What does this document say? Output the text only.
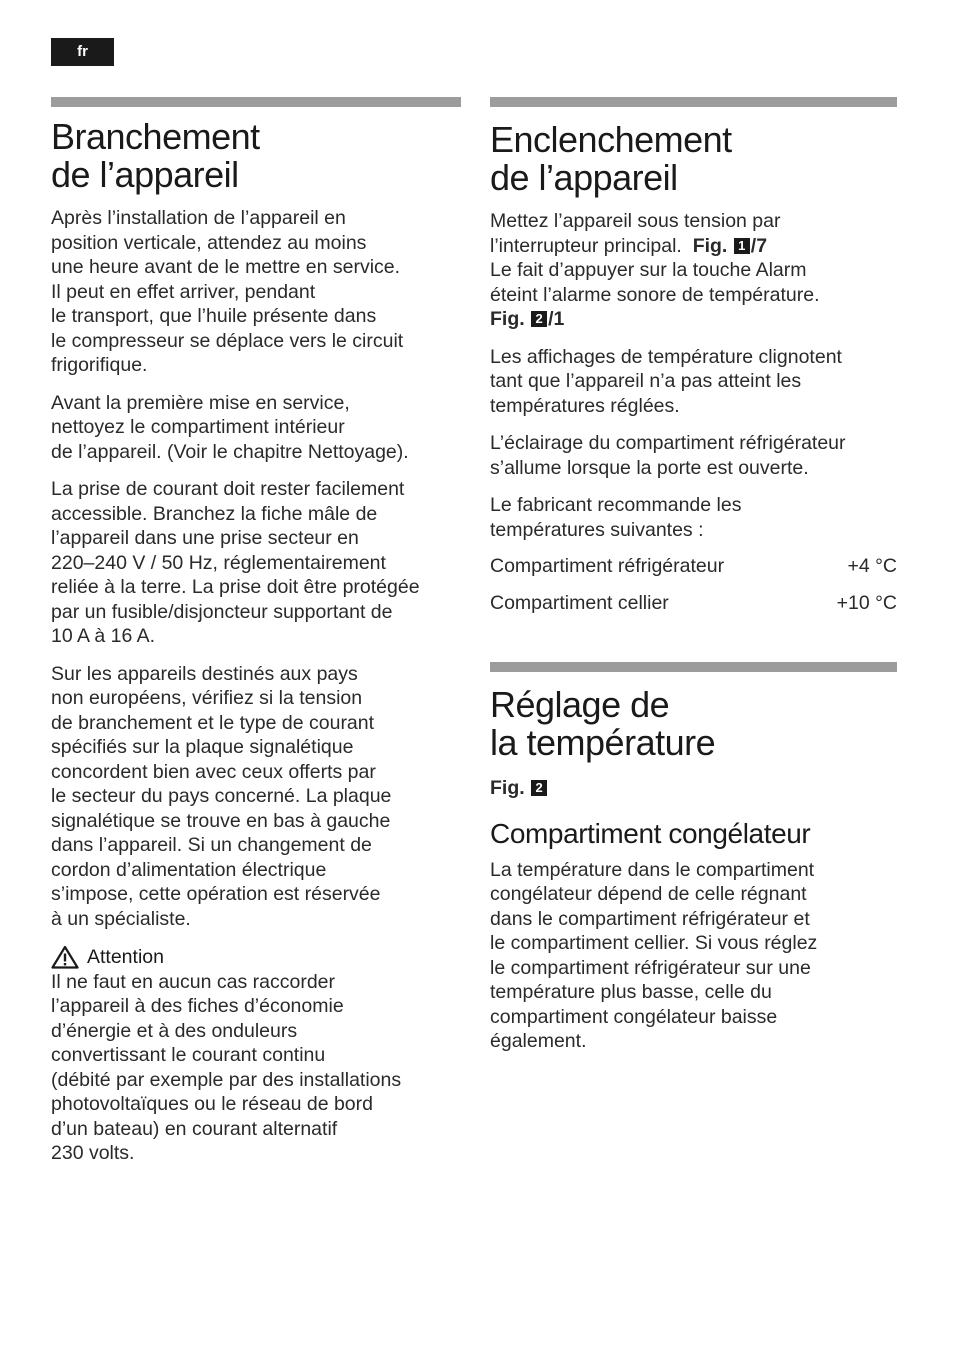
fr
Branchement
de l’appareil

Après l’installation de l’appareil en
position verticale, attendez au moins
une heure avant de le mettre en service.
Il peut en effet arriver, pendant
le transport, que l’huile présente dans
le compresseur se déplace vers le circuit
frigorifique.

Avant la première mise en service,
nettoyez le compartiment intérieur
de l’appareil. (Voir le chapitre Nettoyage).

La prise de courant doit rester facilement
accessible. Branchez la fiche mâle de
l’appareil dans une prise secteur en
220–240 V / 50 Hz, réglementairement
reliée à la terre. La prise doit être protégée
par un fusible/disjoncteur supportant de
10 A à 16 A.

Sur les appareils destinés aux pays
non européens, vérifiez si la tension
de branchement et le type de courant
spécifiés sur la plaque signalétique
concordent bien avec ceux offerts par
le secteur du pays concerné. La plaque
signalétique se trouve en bas à gauche
dans l’appareil. Si un changement de
cordon d’alimentation électrique
s’impose, cette opération est réservée
à un spécialiste.

Attention

Il ne faut en aucun cas raccorder
l’appareil à des fiches d’économie
d’énergie et à des onduleurs
convertissant le courant continu
(débité par exemple par des installations
photovoltaïques ou le réseau de bord
d’un bateau) en courant alternatif
230 volts.

Enclenchement
de l’appareil

Mettez l’appareil sous tension par
l’interrupteur principal. Fig. 1 /7
Le fait d’appuyer sur la touche Alarm
éteint l’alarme sonore de température.
Fig. 2 /1

Les affichages de température clignotent
tant que l’appareil n’a pas atteint les
températures réglées.

L’éclairage du compartiment réfrigérateur
s’allume lorsque la porte est ouverte.

Le fabricant recommande les
températures suivantes :

Compartiment réfrigérateur	+4 °C
Compartiment cellier	+10 °C
Réglage de
la température

Fig. 2

Compartiment congélateur

La température dans le compartiment
congélateur dépend de celle régnant
dans le compartiment réfrigérateur et
le compartiment cellier. Si vous réglez
le compartiment réfrigérateur sur une
température plus basse, celle du
compartiment congélateur baisse
également.
